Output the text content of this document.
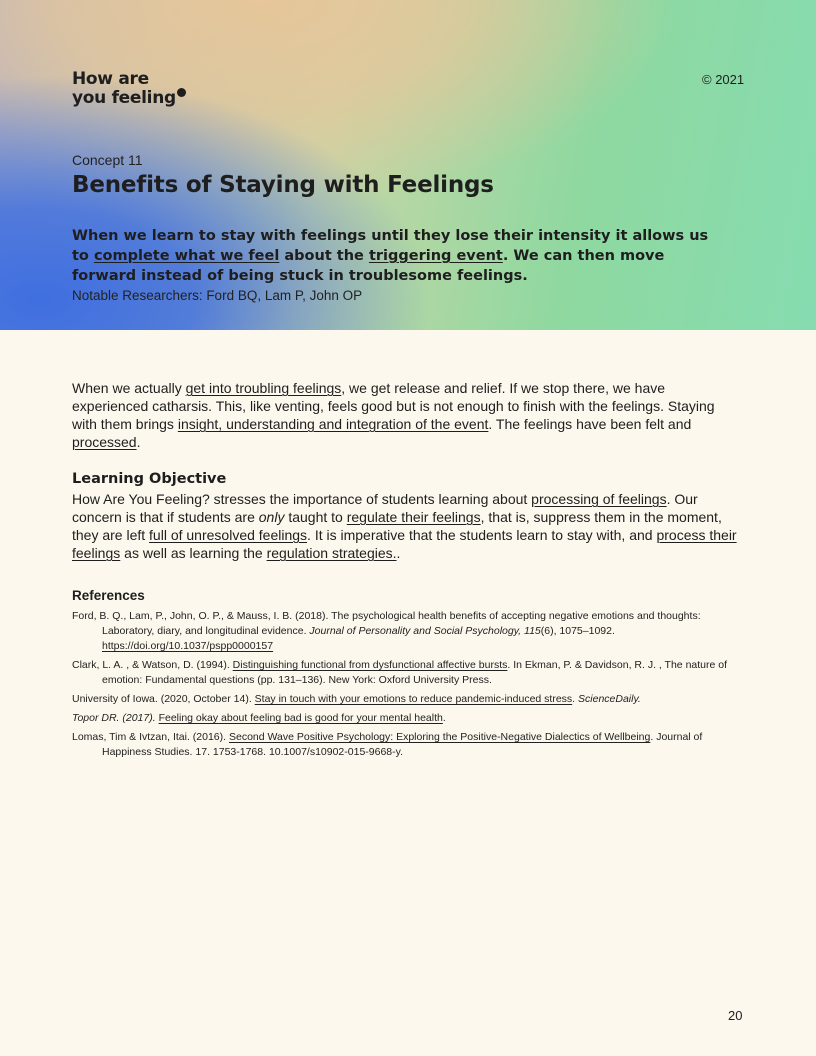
How are
you feeling
© 2021
Concept 11
Benefits of Staying with Feelings
When we learn to stay with feelings until they lose their intensity it allows us to complete what we feel about the triggering event. We can then move forward instead of being stuck in troublesome feelings.
Notable Researchers: Ford BQ, Lam P, John OP
When we actually get into troubling feelings, we get release and relief. If we stop there, we have experienced catharsis. This, like venting, feels good but is not enough to finish with the feelings. Staying with them brings insight, understanding and integration of the event. The feelings have been felt and processed.
Learning Objective
How Are You Feeling? stresses the importance of students learning about processing of feelings. Our concern is that if students are only taught to regulate their feelings, that is, suppress them in the moment, they are left full of unresolved feelings. It is imperative that the students learn to stay with, and process their feelings as well as learning the regulation strategies..
References
Ford, B. Q., Lam, P., John, O. P., & Mauss, I. B. (2018). The psychological health benefits of accepting negative emotions and thoughts: Laboratory, diary, and longitudinal evidence. Journal of Personality and Social Psychology, 115(6), 1075–1092. https://doi.org/10.1037/pspp0000157
Clark, L. A. , & Watson, D. (1994). Distinguishing functional from dysfunctional affective bursts. In Ekman, P. & Davidson, R. J. , The nature of emotion: Fundamental questions (pp. 131–136). New York: Oxford University Press.
University of Iowa. (2020, October 14). Stay in touch with your emotions to reduce pandemic-induced stress. ScienceDaily.
Topor DR. (2017). Feeling okay about feeling bad is good for your mental health.
Lomas, Tim & Ivtzan, Itai. (2016). Second Wave Positive Psychology: Exploring the Positive-Negative Dialectics of Wellbeing. Journal of Happiness Studies. 17. 1753-1768. 10.1007/s10902-015-9668-y.
20
